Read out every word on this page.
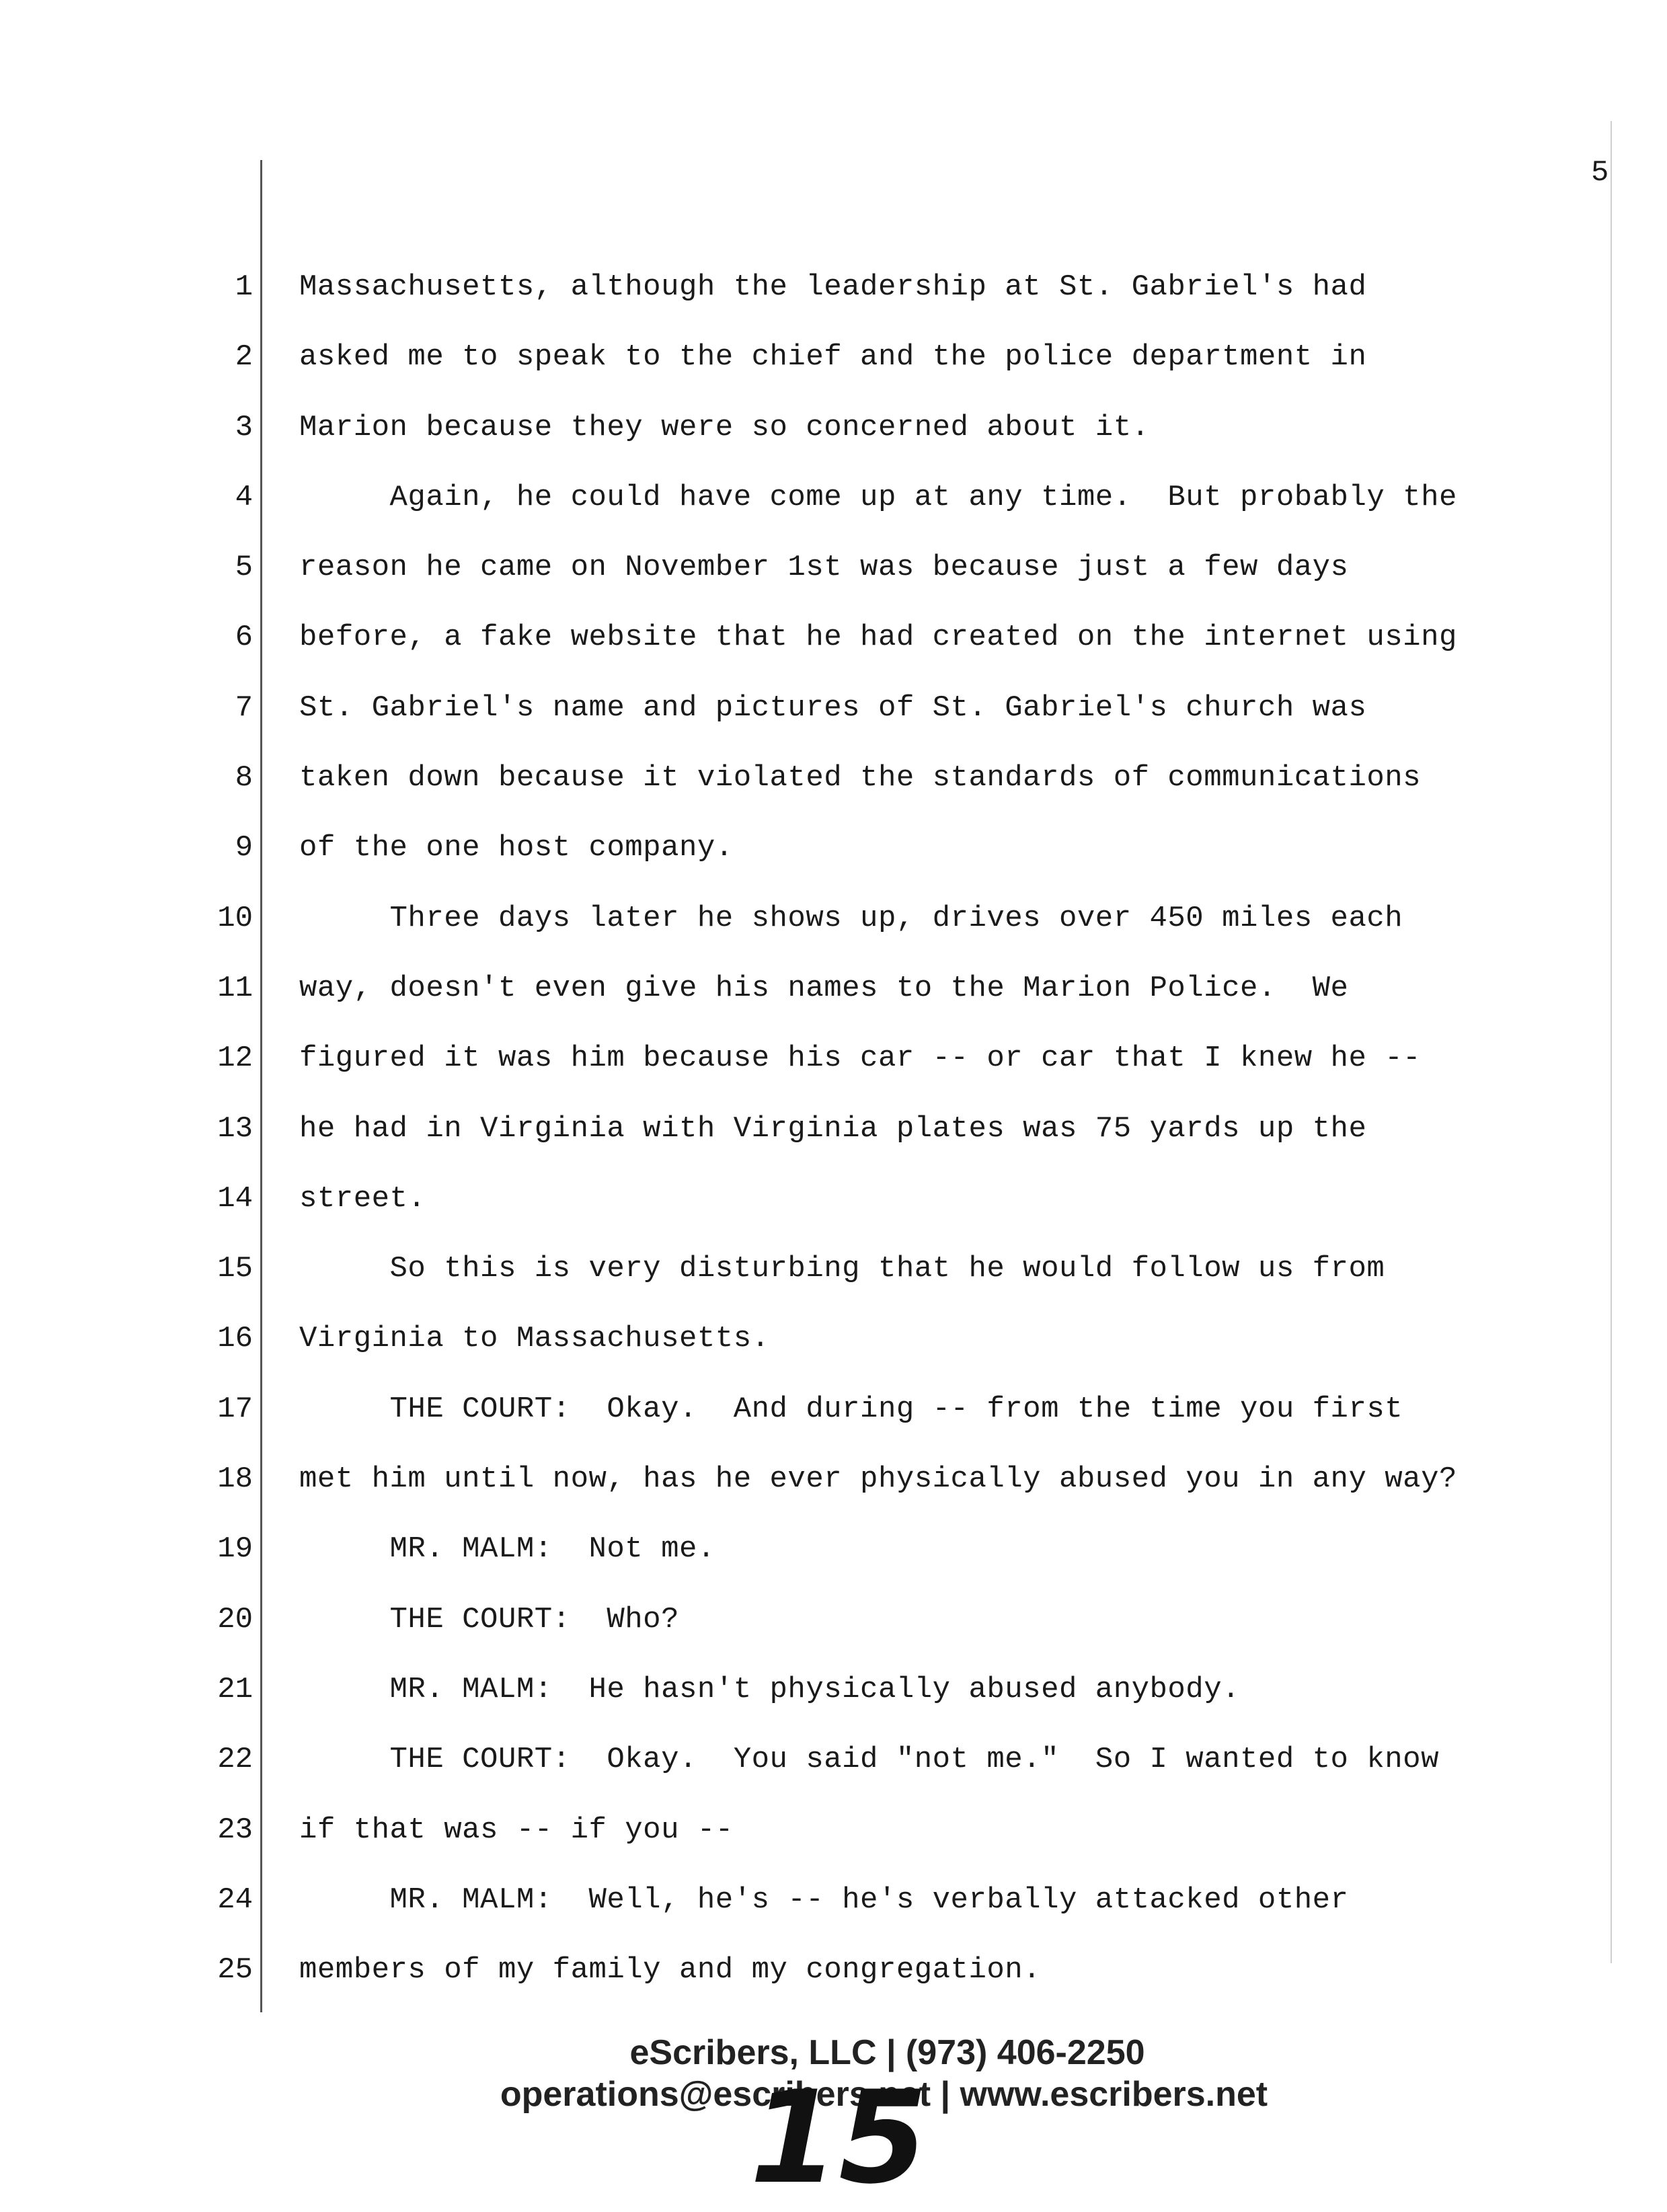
5
1 Massachusetts, although the leadership at St. Gabriel's had
2 asked me to speak to the chief and the police department in
3 Marion because they were so concerned about it.
4 Again, he could have come up at any time.  But probably the
5 reason he came on November 1st was because just a few days
6 before, a fake website that he had created on the internet using
7 St. Gabriel's name and pictures of St. Gabriel's church was
8 taken down because it violated the standards of communications
9 of the one host company.
10 Three days later he shows up, drives over 450 miles each
11 way, doesn't even give his names to the Marion Police.  We
12 figured it was him because his car -- or car that I knew he --
13 he had in Virginia with Virginia plates was 75 yards up the
14 street.
15 So this is very disturbing that he would follow us from
16 Virginia to Massachusetts.
17 THE COURT:  Okay.  And during -- from the time you first
18 met him until now, has he ever physically abused you in any way?
19 MR. MALM:  Not me.
20 THE COURT:  Who?
21 MR. MALM:  He hasn't physically abused anybody.
22 THE COURT:  Okay.  You said "not me."  So I wanted to know
23 if that was -- if you --
24 MR. MALM:  Well, he's -- he's verbally attacked other
25 members of my family and my congregation.
eScribers, LLC | (973) 406-2250
operations@escribers.net | www.escribers.net
15
